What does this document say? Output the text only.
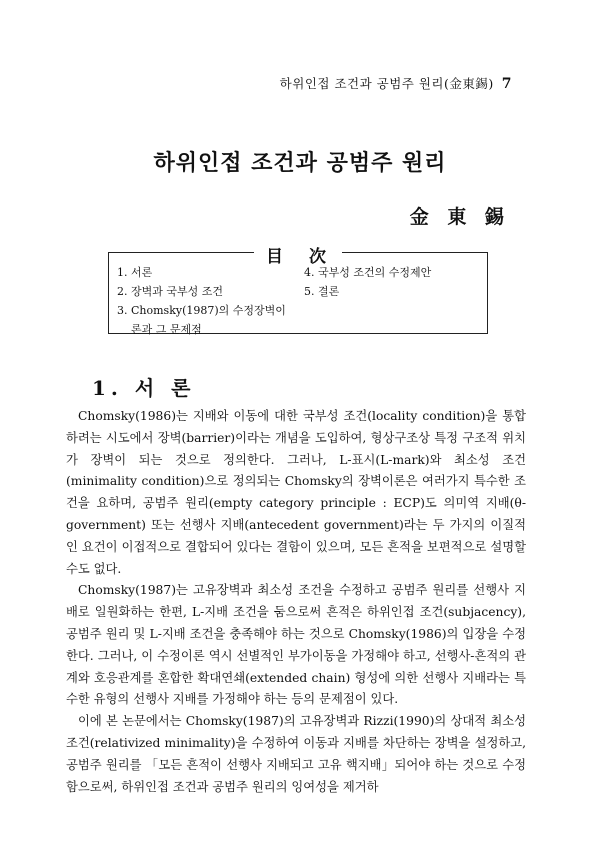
하위인접 조건과 공범주 원리(金東錫) 7
하위인접 조건과 공범주 원리
金 東 錫
目 次
1. 서론
2. 장벽과 국부성 조건
3. Chomsky(1987)의 수정장벽이
론과 그 문제점
4. 국부성 조건의 수정제안
5. 결론
1. 서 론

Chomsky(1986)는 지배와 이동에 대한 국부성 조건(locality condition)을 통합하려는 시도에서 장벽(barrier)이라는 개념을 도입하여, 형상구조상 특정 구조적 위치가 장벽이 되는 것으로 정의한다. 그러나, L-표시(L-mark)와 최소성 조건(minimality condition)으로 정의되는 Chomsky의 장벽이론은 여러가지 특수한 조건을 요하며, 공범주 원리(empty category principle : ECP)도 의미역 지배(θ-government) 또는 선행사 지배(antecedent government)라는 두 가지의 이질적인 요건이 이접적으로 결합되어 있다는 결함이 있으며, 모든 흔적을 보편적으로 설명할 수도 없다.

Chomsky(1987)는 고유장벽과 최소성 조건을 수정하고 공범주 원리를 선행사 지배로 일원화하는 한편, L-지배 조건을 둠으로써 흔적은 하위인접 조건(subjacency), 공범주 원리 및 L-지배 조건을 충족해야 하는 것으로 Chomsky(1986)의 입장을 수정한다. 그러나, 이 수정이론 역시 선별적인 부가이동을 가정해야 하고, 선행사-흔적의 관계와 호응관계를 혼합한 확대연쇄(extended chain) 형성에 의한 선행사 지배라는 특수한 유형의 선행사 지배를 가정해야 하는 등의 문제점이 있다.

이에 본 논문에서는 Chomsky(1987)의 고유장벽과 Rizzi(1990)의 상대적 최소성 조건(relativized minimality)을 수정하여 이동과 지배를 차단하는 장벽을 설정하고, 공범주 원리를 「모든 흔적이 선행사 지배되고 고유 핵지배」되어야 하는 것으로 수정함으로써, 하위인접 조건과 공범주 원리의 잉여성을 제거하
